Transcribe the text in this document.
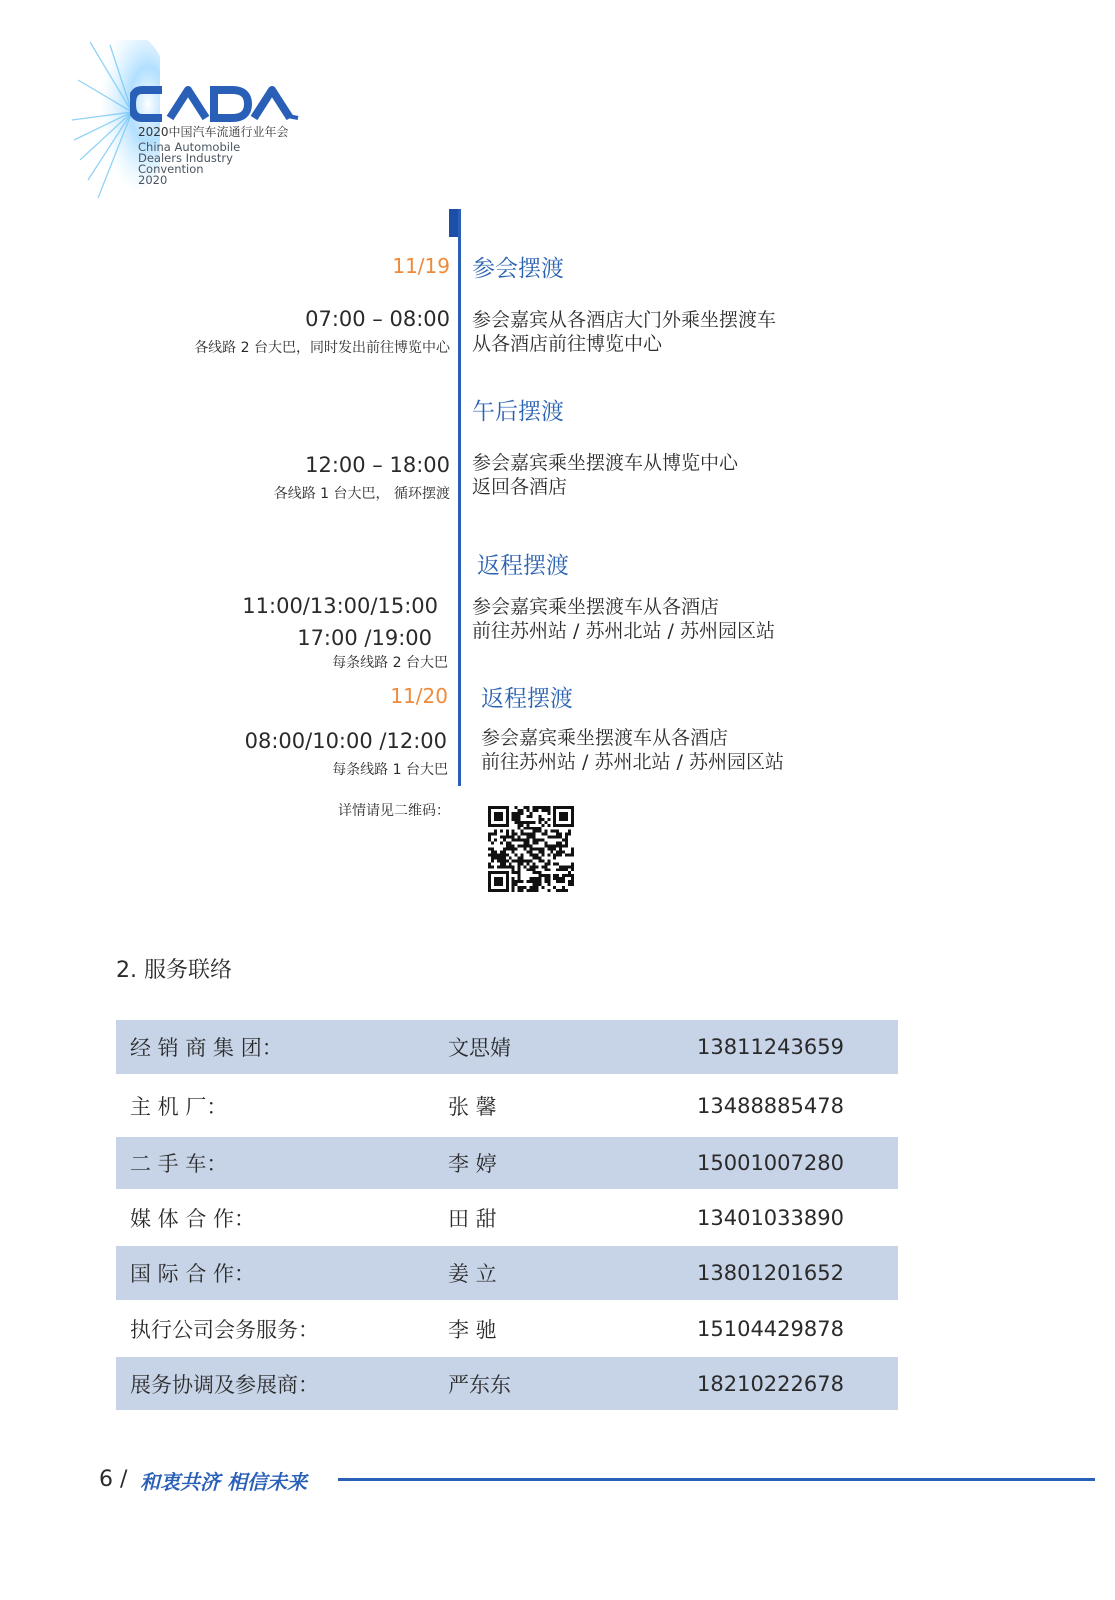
2020中国汽车流通行业年会
China Automobile
Dealers Industry
Convention
2020
11/19 参会摆渡
07:00 – 08:00
各线路 2 台大巴，同时发出前往博览中心
参会嘉宾从各酒店大门外乘坐摆渡车
从各酒店前往博览中心
午后摆渡
12:00 – 18:00
各线路 1 台大巴， 循环摆渡
参会嘉宾乘坐摆渡车从博览中心
返回各酒店
返程摆渡
11:00/13:00/15:00
17:00 /19:00
每条线路 2 台大巴
参会嘉宾乘坐摆渡车从各酒店
前往苏州站 / 苏州北站 / 苏州园区站
11/20 返程摆渡
08:00/10:00 /12:00
每条线路 1 台大巴
参会嘉宾乘坐摆渡车从各酒店
前往苏州站 / 苏州北站 / 苏州园区站
详情请见二维码：
2. 服务联络
经 销 商 集 团：	文思婧	13811243659
主 机 厂：	张 馨	13488885478
二 手 车：	李 婷	15001007280
媒 体 合 作：	田 甜	13401033890
国 际 合 作：	姜 立	13801201652
执行公司会务服务：	李 驰	15104429878
展务协调及参展商：	严东东	18210222678
6 / 和衷共济 相信未来
